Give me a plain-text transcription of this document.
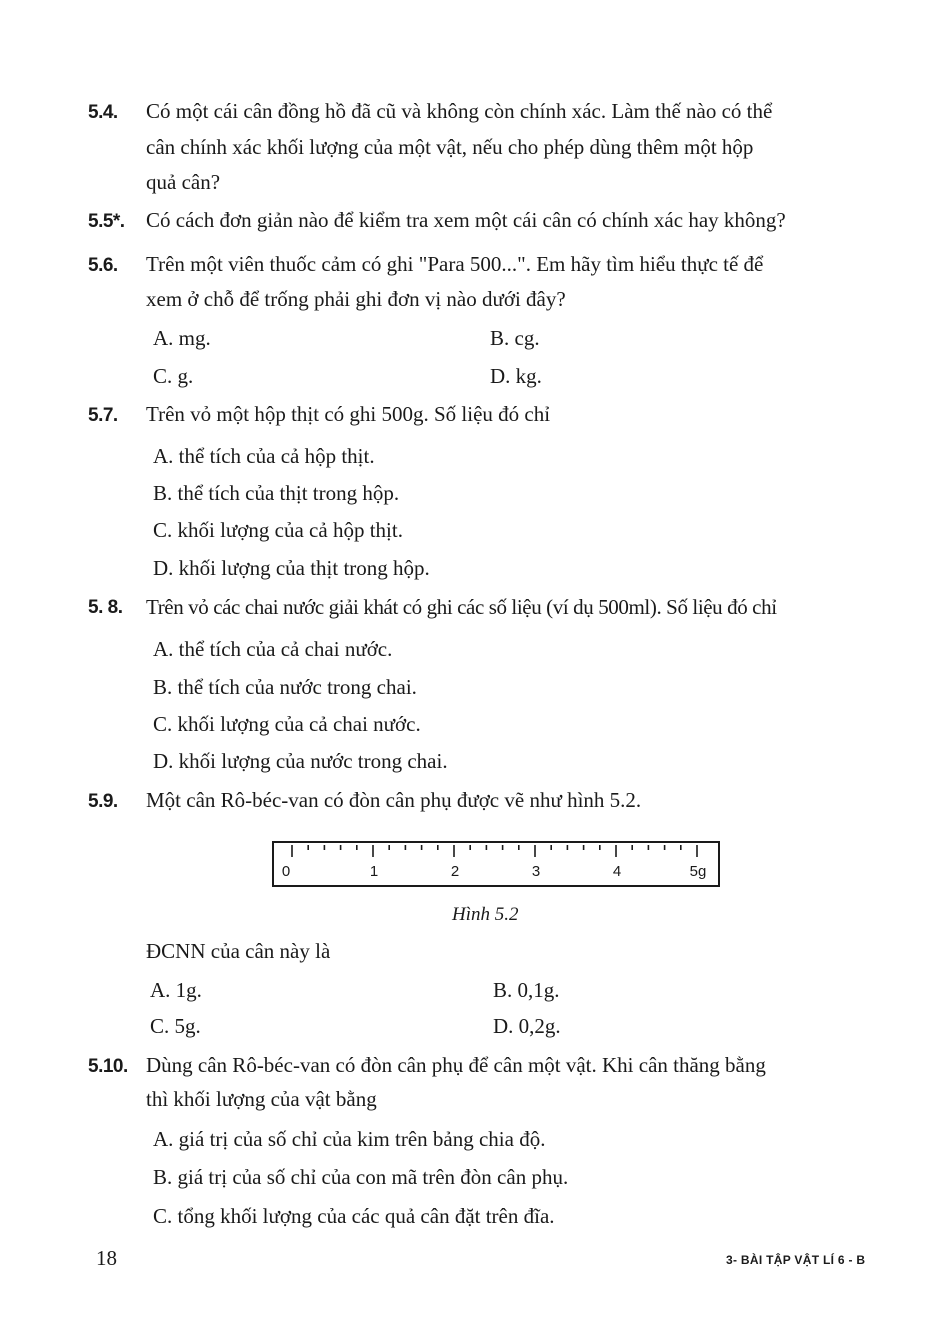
5.4. Có một cái cân đồng hồ đã cũ và không còn chính xác. Làm thế nào có thể
cân chính xác khối lượng của một vật, nếu cho phép dùng thêm một hộp
quả cân?
5.5*. Có cách đơn giản nào để kiểm tra xem một cái cân có chính xác hay không?
5.6. Trên một viên thuốc cảm có ghi "Para 500...". Em hãy tìm hiểu thực tế để
xem ở chỗ để trống phải ghi đơn vị nào dưới đây?
A. mg.	B. cg.
C. g.	D. kg.
5.7. Trên vỏ một hộp thịt có ghi 500g. Số liệu đó chỉ
A. thể tích của cả hộp thịt.
B. thể tích của thịt trong hộp.
C. khối lượng của cả hộp thịt.
D. khối lượng của thịt trong hộp.
5. 8. Trên vỏ các chai nước giải khát có ghi các số liệu (ví dụ 500ml). Số liệu đó chỉ
A. thể tích của cả chai nước.
B. thể tích của nước trong chai.
C. khối lượng của cả chai nước.
D. khối lượng của nước trong chai.
5.9. Một cân Rô-béc-van có đòn cân phụ được vẽ như hình 5.2.
0	1	2	3	4	5g
Hình 5.2
ĐCNN của cân này là
A. 1g.	B. 0,1g.
C. 5g.	D. 0,2g.
5.10. Dùng cân Rô-béc-van có đòn cân phụ để cân một vật. Khi cân thăng bằng
thì khối lượng của vật bằng
A. giá trị của số chỉ của kim trên bảng chia độ.
B. giá trị của số chỉ của con mã trên đòn cân phụ.
C. tổng khối lượng của các quả cân đặt trên đĩa.
18	3- BÀI TẬP VẬT LÍ 6 - B
